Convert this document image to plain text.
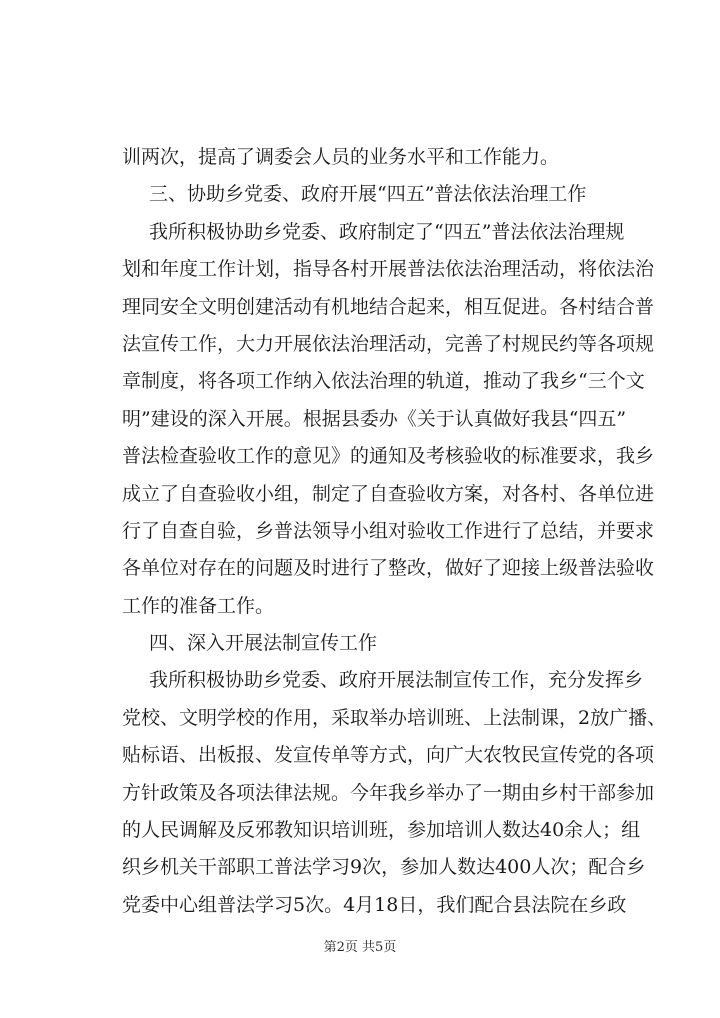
训两次，提高了调委会人员的业务水平和工作能力。
三、协助乡党委、政府开展“四五”普法依法治理工作
我所积极协助乡党委、政府制定了“四五”普法依法治理规
划和年度工作计划，指导各村开展普法依法治理活动，将依法治
理同安全文明创建活动有机地结合起来，相互促进。各村结合普
法宣传工作，大力开展依法治理活动，完善了村规民约等各项规
章制度，将各项工作纳入依法治理的轨道，推动了我乡“三个文
明”建设的深入开展。根据县委办《关于认真做好我县“四五”
普法检查验收工作的意见》的通知及考核验收的标准要求，我乡
成立了自查验收小组，制定了自查验收方案，对各村、各单位进
行了自查自验，乡普法领导小组对验收工作进行了总结，并要求
各单位对存在的问题及时进行了整改，做好了迎接上级普法验收
工作的准备工作。
四、深入开展法制宣传工作
我所积极协助乡党委、政府开展法制宣传工作，充分发挥乡
党校、文明学校的作用，采取举办培训班、上法制课，2放广播、
贴标语、出板报、发宣传单等方式，向广大农牧民宣传党的各项
方针政策及各项法律法规。今年我乡举办了一期由乡村干部参加
的人民调解及反邪教知识培训班，参加培训人数达40余人；组
织乡机关干部职工普法学习9次，参加人数达400人次；配合乡
党委中心组普法学习5次。4月18日，我们配合县法院在乡政
第2页 共5页
